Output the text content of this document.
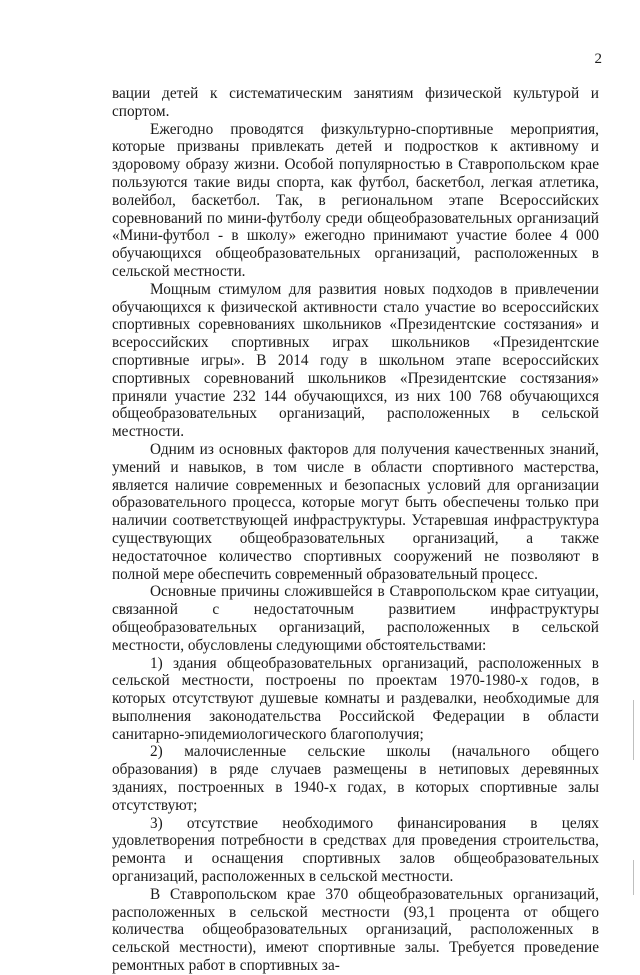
2

вации детей к систематическим занятиям физической культурой и спортом.

Ежегодно проводятся физкультурно-спортивные мероприятия, которые призваны привлекать детей и подростков к активному и здоровому образу жизни. Особой популярностью в Ставропольском крае пользуются такие виды спорта, как футбол, баскетбол, легкая атлетика, волейбол, баскетбол. Так, в региональном этапе Всероссийских соревнований по мини-футболу среди общеобразовательных организаций «Мини-футбол - в школу» ежегодно принимают участие более 4 000 обучающихся общеобразовательных организаций, расположенных в сельской местности.

Мощным стимулом для развития новых подходов в привлечении обучающихся к физической активности стало участие во всероссийских спортивных соревнованиях школьников «Президентские состязания» и всероссийских спортивных играх школьников «Президентские спортивные игры». В 2014 году в школьном этапе всероссийских спортивных соревнований школьников «Президентские состязания» приняли участие 232 144 обучающихся, из них 100 768 обучающихся общеобразовательных организаций, расположенных в сельской местности.

Одним из основных факторов для получения качественных знаний, умений и навыков, в том числе в области спортивного мастерства, является наличие современных и безопасных условий для организации образовательного процесса, которые могут быть обеспечены только при наличии соответствующей инфраструктуры. Устаревшая инфраструктура существующих общеобразовательных организаций, а также недостаточное количество спортивных сооружений не позволяют в полной мере обеспечить современный образовательный процесс.

Основные причины сложившейся в Ставропольском крае ситуации, связанной с недостаточным развитием инфраструктуры общеобразовательных организаций, расположенных в сельской местности, обусловлены следующими обстоятельствами:

1) здания общеобразовательных организаций, расположенных в сельской местности, построены по проектам 1970-1980-х годов, в которых отсутствуют душевые комнаты и раздевалки, необходимые для выполнения законодательства Российской Федерации в области санитарно-эпидемиологического благополучия;

2) малочисленные сельские школы (начального общего образования) в ряде случаев размещены в нетиповых деревянных зданиях, построенных в 1940-х годах, в которых спортивные залы отсутствуют;

3) отсутствие необходимого финансирования в целях удовлетворения потребности в средствах для проведения строительства, ремонта и оснащения спортивных залов общеобразовательных организаций, расположенных в сельской местности.

В Ставропольском крае 370 общеобразовательных организаций, расположенных в сельской местности (93,1 процента от общего количества общеобразовательных организаций, расположенных в сельской местности), имеют спортивные залы. Требуется проведение ремонтных работ в спортивных за-
